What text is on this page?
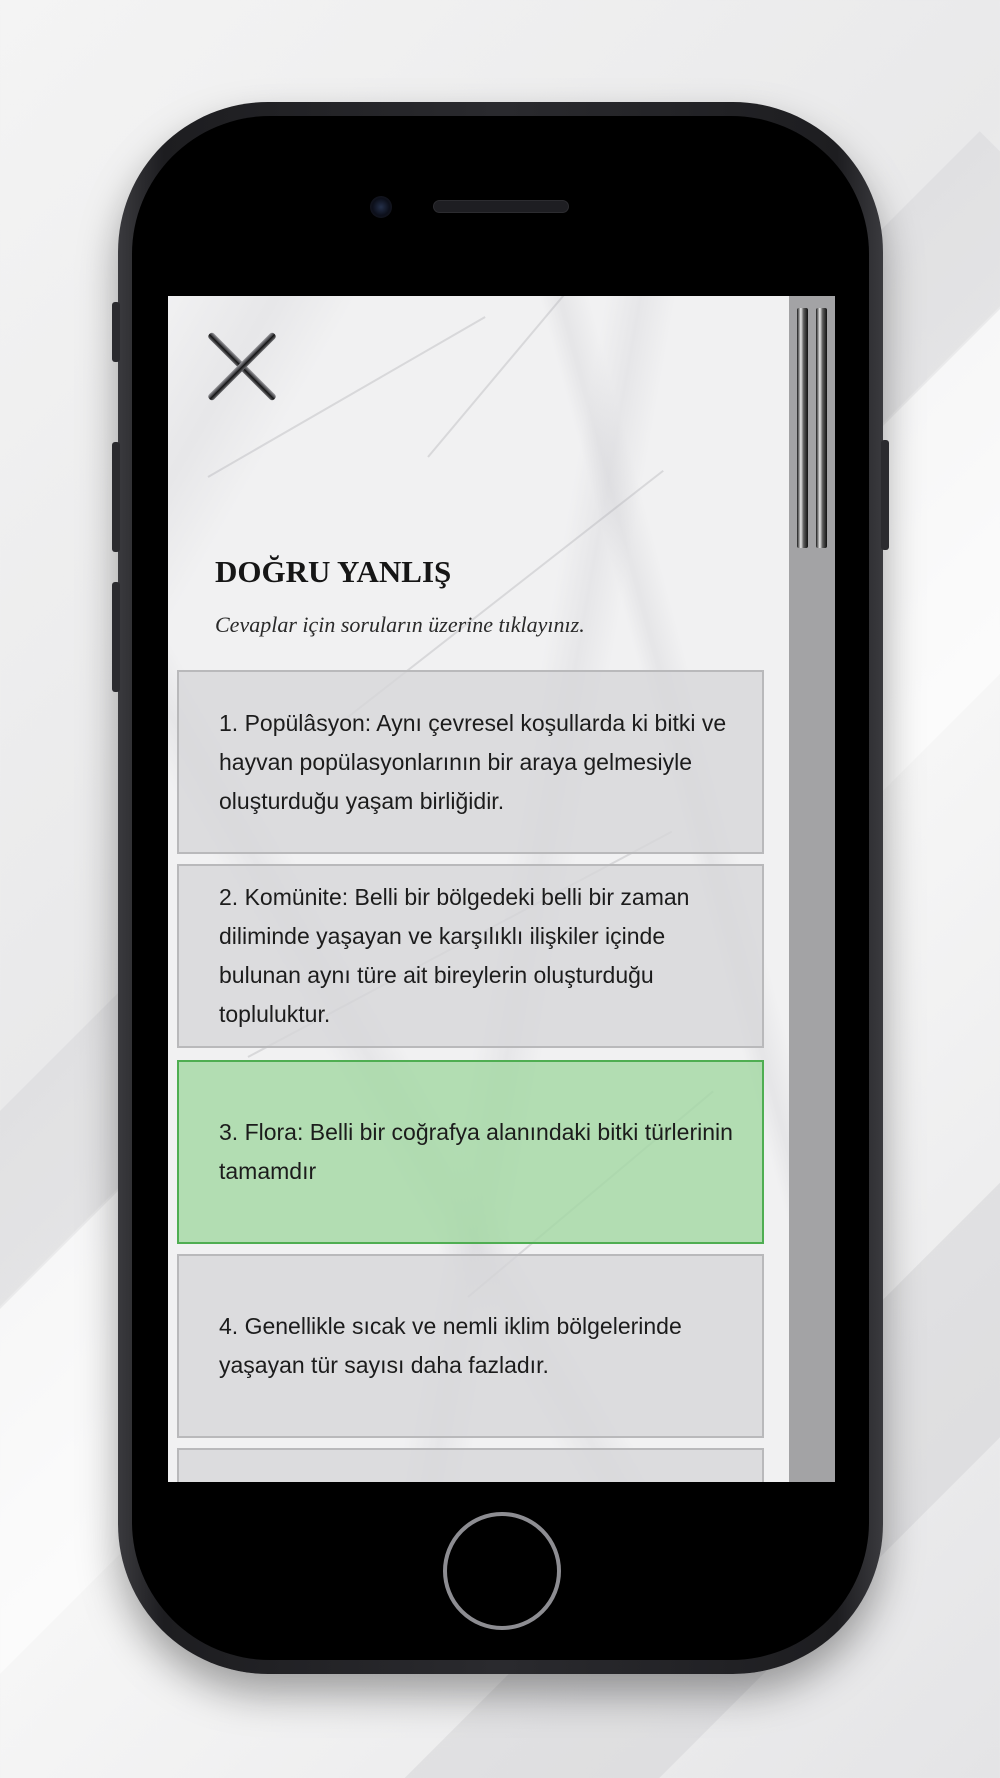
DOĞRU YANLIŞ
Cevaplar için soruların üzerine tıklayınız.

1. Popülâsyon: Aynı çevresel koşullarda ki bitki ve hayvan popülasyonlarının bir araya gelmesiyle oluşturduğu yaşam birliğidir.

2. Komünite: Belli bir bölgedeki belli bir zaman diliminde yaşayan ve karşılıklı ilişkiler içinde bulunan aynı türe ait bireylerin oluşturduğu topluluktur.

3. Flora: Belli bir coğrafya alanındaki bitki türlerinin tamamdır

4. Genellikle sıcak ve nemli iklim bölgelerinde yaşayan tür sayısı daha fazladır.
